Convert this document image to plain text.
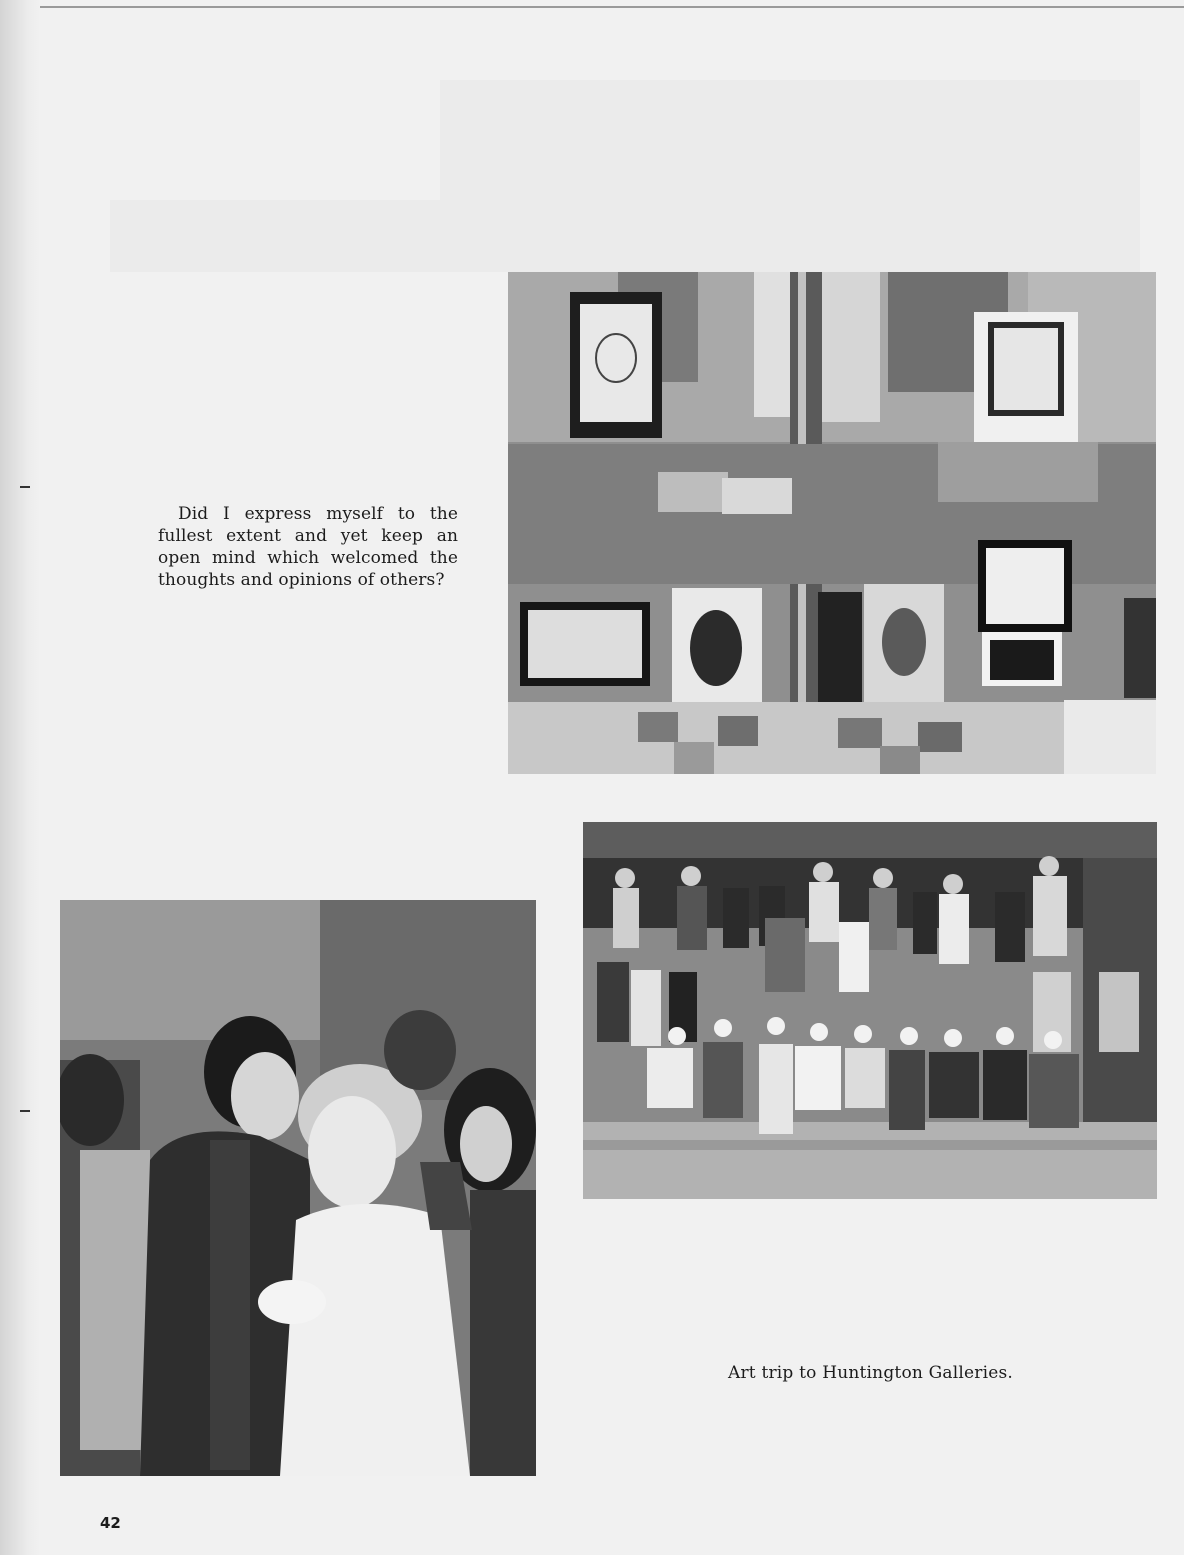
Did I express myself to the fullest extent and yet keep an open mind which welcomed the thoughts and opinions of others?

Art trip to Huntington Galleries.
42
